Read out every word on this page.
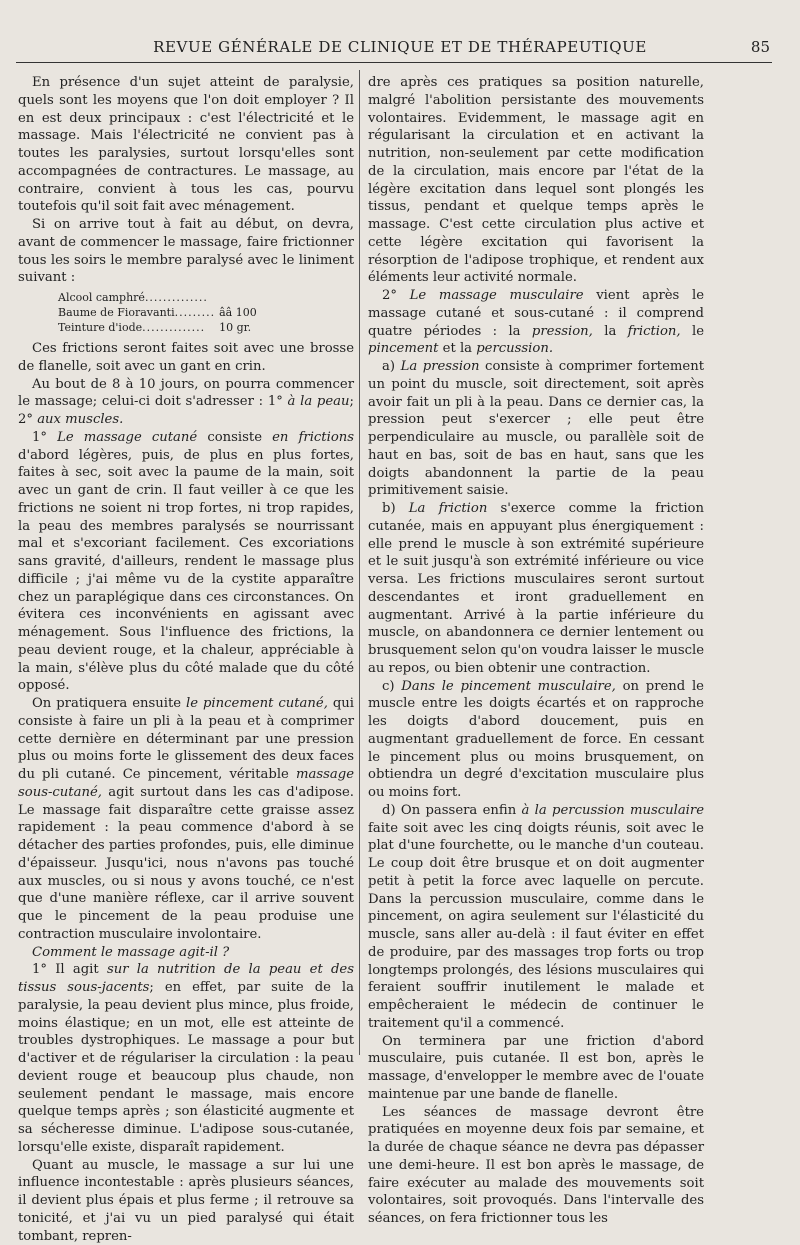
REVUE GÉNÉRALE DE CLINIQUE ET DE THÉRAPEUTIQUE	85

En présence d'un sujet atteint de paralysie, quels sont les moyens que l'on doit employer ? Il en est deux principaux : c'est l'électricité et le massage. Mais l'électricité ne convient pas à toutes les paralysies, surtout lorsqu'elles sont accompagnées de contractures. Le massage, au contraire, convient à tous les cas, pourvu toutefois qu'il soit fait avec ménagement.

Si on arrive tout à fait au début, on devra, avant de commencer le massage, faire frictionner tous les soirs le membre paralysé avec le liniment suivant :

Alcool camphré..............	
Baume de Fioravanti.........	ââ 100
Teinture d'iode..............	10 gr.

Ces frictions seront faites soit avec une brosse de flanelle, soit avec un gant en crin.

Au bout de 8 à 10 jours, on pourra commencer le massage; celui-ci doit s'adresser : 1° à la peau; 2° aux muscles.

1° Le massage cutané consiste en frictions d'abord légères, puis, de plus en plus fortes, faites à sec, soit avec la paume de la main, soit avec un gant de crin. Il faut veiller à ce que les frictions ne soient ni trop fortes, ni trop rapides, la peau des membres paralysés se nourrissant mal et s'excoriant facilement. Ces excoriations sans gravité, d'ailleurs, rendent le massage plus difficile ; j'ai même vu de la cystite apparaître chez un paraplégique dans ces circonstances. On évitera ces inconvénients en agissant avec ménagement. Sous l'influence des frictions, la peau devient rouge, et la chaleur, appréciable à la main, s'élève plus du côté malade que du côté opposé.

On pratiquera ensuite le pincement cutané, qui consiste à faire un pli à la peau et à comprimer cette dernière en déterminant par une pression plus ou moins forte le glissement des deux faces du pli cutané. Ce pincement, véritable massage sous-cutané, agit surtout dans les cas d'adipose. Le massage fait disparaître cette graisse assez rapidement : la peau commence d'abord à se détacher des parties profondes, puis, elle diminue d'épaisseur. Jusqu'ici, nous n'avons pas touché aux muscles, ou si nous y avons touché, ce n'est que d'une manière réflexe, car il arrive souvent que le pincement de la peau produise une contraction musculaire involontaire.

Comment le massage agit-il ?

1° Il agit sur la nutrition de la peau et des tissus sous-jacents; en effet, par suite de la paralysie, la peau devient plus mince, plus froide, moins élastique; en un mot, elle est atteinte de troubles dystrophiques. Le massage a pour but d'activer et de régulariser la circulation : la peau devient rouge et beaucoup plus chaude, non seulement pendant le massage, mais encore quelque temps après ; son élasticité augmente et sa sécheresse diminue. L'adipose sous-cutanée, lorsqu'elle existe, disparaît rapidement.

Quant au muscle, le massage a sur lui une influence incontestable : après plusieurs séances, il devient plus épais et plus ferme ; il retrouve sa tonicité, et j'ai vu un pied paralysé qui était tombant, repren-

dre après ces pratiques sa position naturelle, malgré l'abolition persistante des mouvements volontaires. Evidemment, le massage agit en régularisant la circulation et en activant la nutrition, non-seulement par cette modification de la circulation, mais encore par l'état de la légère excitation dans lequel sont plongés les tissus, pendant et quelque temps après le massage. C'est cette circulation plus active et cette légère excitation qui favorisent la résorption de l'adipose trophique, et rendent aux éléments leur activité normale.

2° Le massage musculaire vient après le massage cutané et sous-cutané : il comprend quatre périodes : la pression, la friction, le pincement et la percussion.

a) La pression consiste à comprimer fortement un point du muscle, soit directement, soit après avoir fait un pli à la peau. Dans ce dernier cas, la pression peut s'exercer ; elle peut être perpendiculaire au muscle, ou parallèle soit de haut en bas, soit de bas en haut, sans que les doigts abandonnent la partie de la peau primitivement saisie.

b) La friction s'exerce comme la friction cutanée, mais en appuyant plus énergiquement : elle prend le muscle à son extrémité supérieure et le suit jusqu'à son extrémité inférieure ou vice versa. Les frictions musculaires seront surtout descendantes et iront graduellement en augmentant. Arrivé à la partie inférieure du muscle, on abandonnera ce dernier lentement ou brusquement selon qu'on voudra laisser le muscle au repos, ou bien obtenir une contraction.

c) Dans le pincement musculaire, on prend le muscle entre les doigts écartés et on rapproche les doigts d'abord doucement, puis en augmentant graduellement de force. En cessant le pincement plus ou moins brusquement, on obtiendra un degré d'excitation musculaire plus ou moins fort.

d) On passera enfin à la percussion musculaire faite soit avec les cinq doigts réunis, soit avec le plat d'une fourchette, ou le manche d'un couteau. Le coup doit être brusque et on doit augmenter petit à petit la force avec laquelle on percute. Dans la percussion musculaire, comme dans le pincement, on agira seulement sur l'élasticité du muscle, sans aller au-delà : il faut éviter en effet de produire, par des massages trop forts ou trop longtemps prolongés, des lésions musculaires qui feraient souffrir inutilement le malade et empêcheraient le médecin de continuer le traitement qu'il a commencé.

On terminera par une friction d'abord musculaire, puis cutanée. Il est bon, après le massage, d'envelopper le membre avec de l'ouate maintenue par une bande de flanelle.

Les séances de massage devront être pratiquées en moyenne deux fois par semaine, et la durée de chaque séance ne devra pas dépasser une demi-heure. Il est bon après le massage, de faire exécuter au malade des mouvements soit volontaires, soit provoqués. Dans l'intervalle des séances, on fera frictionner tous les
